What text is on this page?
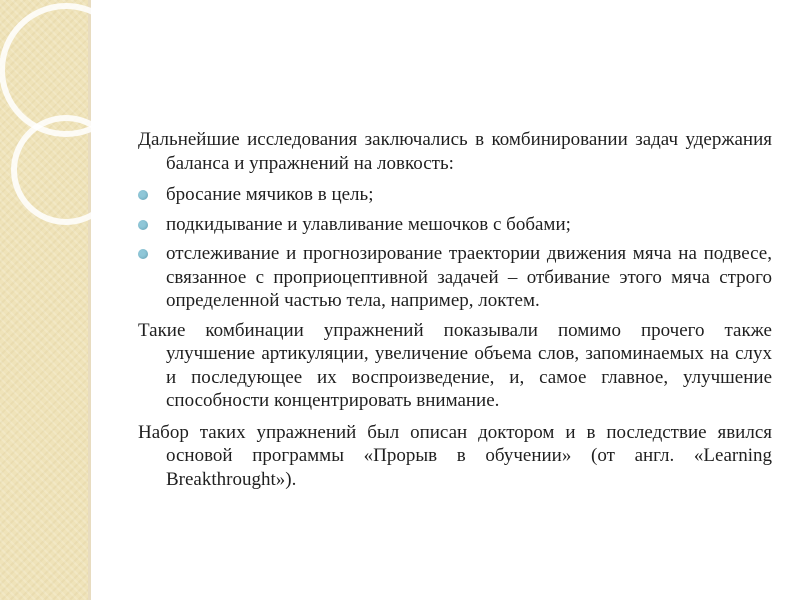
Дальнейшие исследования заключались в комбинировании задач удержания баланса и упражнений на ловкость:

бросание мячиков в цель;
подкидывание и улавливание мешочков с бобами;
отслеживание и прогнозирование траектории движения мяча на подвесе, связанное с проприоцептивной задачей – отбивание этого мяча строго определенной частью тела, например, локтем.

Такие комбинации упражнений показывали помимо прочего также улучшение артикуляции, увеличение объема слов, запоминаемых на слух и последующее их воспроизведение, и, самое главное, улучшение способности концентрировать внимание.

Набор таких упражнений был описан доктором и в последствие явился основой программы «Прорыв в обучении» (от англ. «Learning Breakthrought»).
